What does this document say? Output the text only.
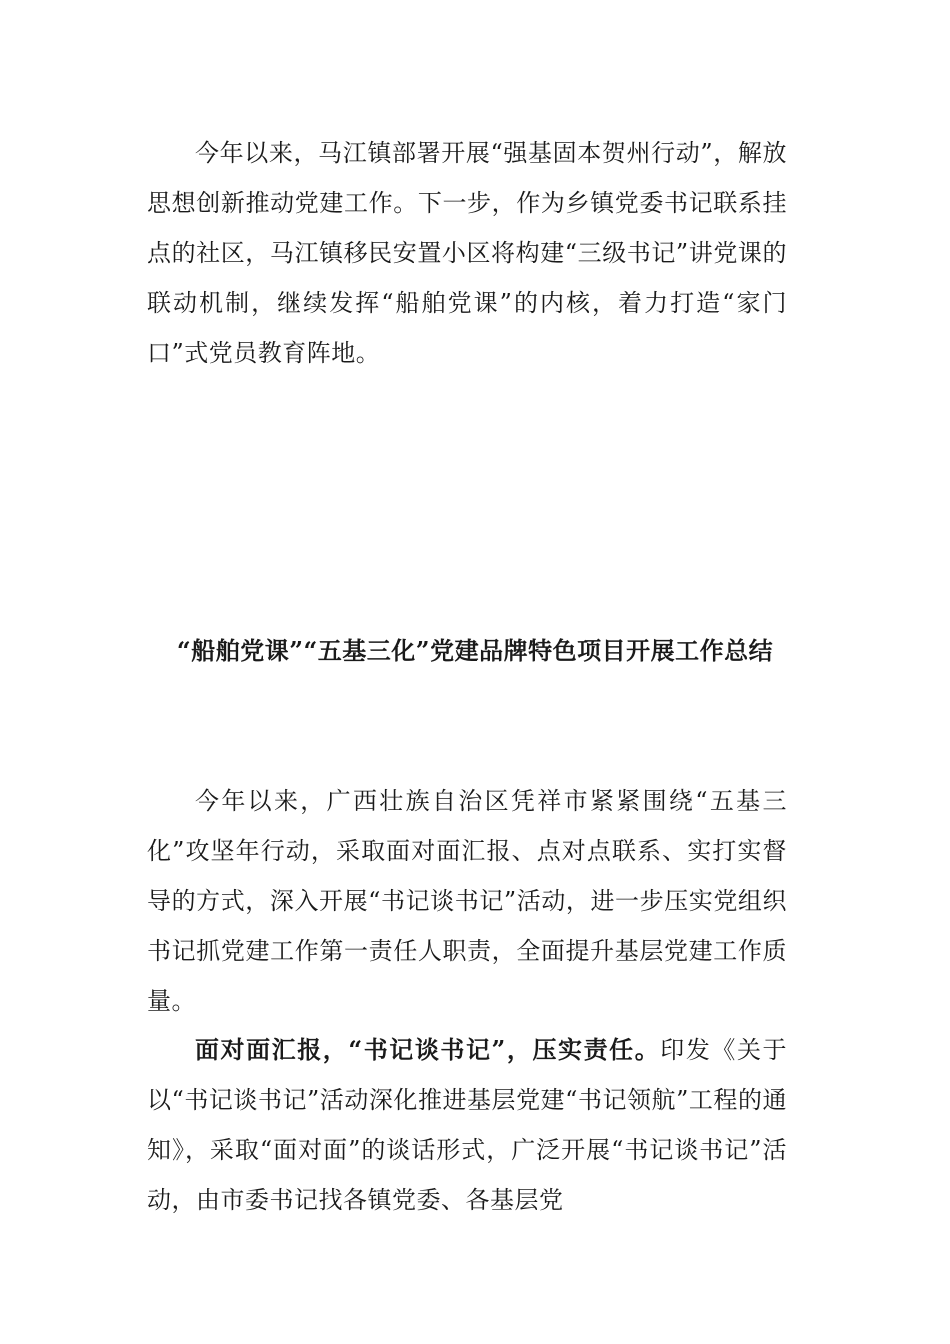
今年以来，马江镇部署开展“强基固本贺州行动”，解放思想创新推动党建工作。下一步，作为乡镇党委书记联系挂点的社区，马江镇移民安置小区将构建“三级书记”讲党课的联动机制，继续发挥“船舶党课”的内核，着力打造“家门口”式党员教育阵地。

“船舶党课”“五基三化”党建品牌特色项目开展工作总结

今年以来，广西壮族自治区凭祥市紧紧围绕“五基三化”攻坚年行动，采取面对面汇报、点对点联系、实打实督导的方式，深入开展“书记谈书记”活动，进一步压实党组织书记抓党建工作第一责任人职责，全面提升基层党建工作质量。

面对面汇报，“书记谈书记”，压实责任。印发《关于以“书记谈书记”活动深化推进基层党建“书记领航”工程的通知》，采取“面对面”的谈话形式，广泛开展“书记谈书记”活动，由市委书记找各镇党委、各基层党
